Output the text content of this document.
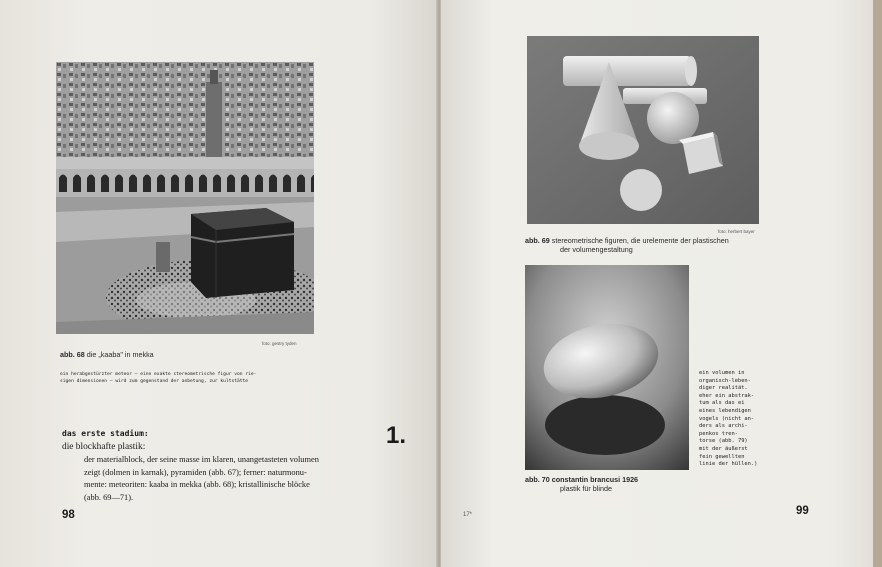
foto: gestry tyden
abb. 68 die „kaaba" in mekka
ein herabgestürzter meteor — eine exakte stereometrische figur von rie-
sigen dimensionen — wird zum gegenstand der anbetung, zur kultstätte
das erste stadium:	1.
die blockhafte plastik:
der materialblock, der seine masse im klaren, unangetasteten volumen
zeigt (dolmen in karnak), pyramiden (abb. 67); ferner: naturmonu-
mente: meteoriten: kaaba in mekka (abb. 68); kristallinische blöcke
(abb. 69—71).
98
foto: herbert bayer
abb. 69 stereometrische figuren, die urelemente der plastischen
der volumengestaltung
ein volumen in
organisch-leben-
diger realität.
eher ein abstrak-
tum als das ei
eines lebendigen
vogels (nicht an-
ders als archi-
penkos tren-
torse (abb. 79)
mit der äußerst
fein gewellten
linie der hüllen.)
abb. 70 constantin brancusi 1926
plastik für blinde
17*	99
